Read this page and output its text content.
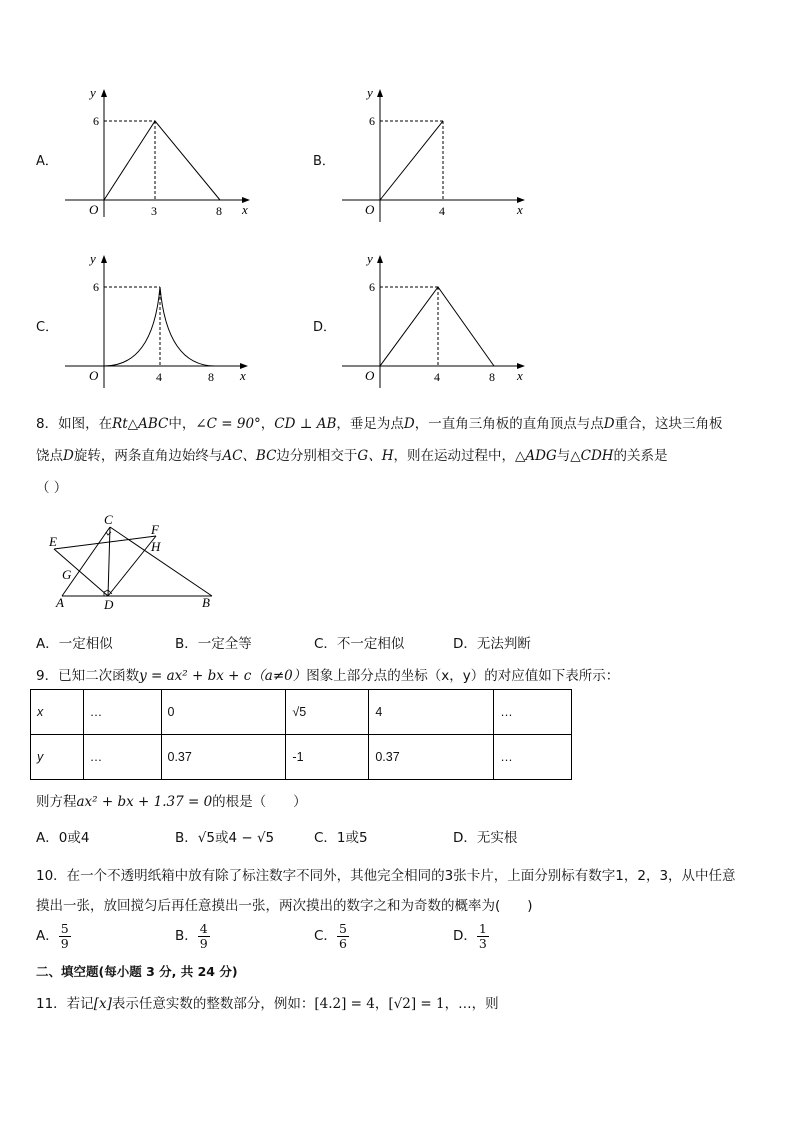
A．
y
x
O
6
3	8
B．
y
x
O
6
4
C．
y
x
O
6
4	8
D．
y
x
O
6
4	8
8．如图，在Rt△ABC中，∠C = 90°，CD ⊥ AB，垂足为点D，一直角三角板的直角顶点与点D重合，这块三角板
饶点D旋转，两条直角边始终与AC、BC边分别相交于G、H，则在运动过程中，△ADG与△CDH的关系是
（ ）
C
F
E	H
G
A	D	B
A．一定相似	B．一定全等	C．不一定相似	D．无法判断
9．已知二次函数y = ax² + bx + c（a≠0）图象上部分点的坐标（x，y）的对应值如下表所示：
x	…	0	√5	4	…
y	…	0.37	-1	0.37	…
则方程ax² + bx + 1.37 = 0的根是（　　）
A．0或4	B．√5或4 − √5	C．1或5	D．无实根
10．在一个不透明纸箱中放有除了标注数字不同外，其他完全相同的3张卡片，上面分别标有数字1，2，3，从中任意
摸出一张，放回搅匀后再任意摸出一张，两次摸出的数字之和为奇数的概率为(　　)
A． $\frac{5}{9}$	B． $\frac{4}{9}$	C． $\frac{5}{6}$	D． $\frac{1}{3}$
二、填空题(每小题 3 分, 共 24 分)
11．若记[x]表示任意实数的整数部分，例如：[4.2] = 4，[√2] = 1，…，则
